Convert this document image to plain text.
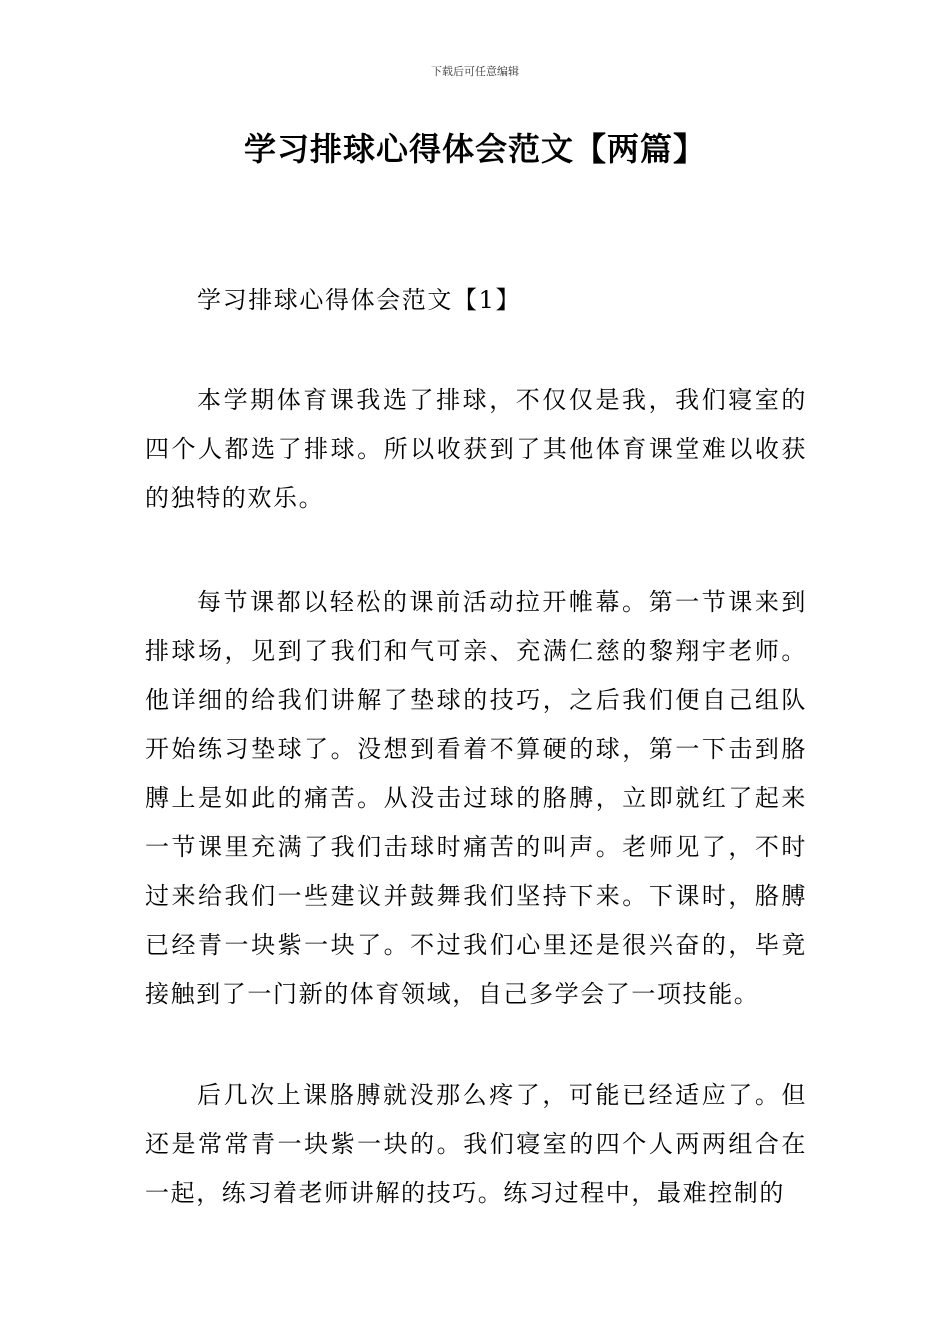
下载后可任意编辑
学习排球心得体会范文【两篇】

学习排球心得体会范文【1】

本学期体育课我选了排球，不仅仅是我，我们寝室的四个人都选了排球。所以收获到了其他体育课堂难以收获的独特的欢乐。

每节课都以轻松的课前活动拉开帷幕。第一节课来到排球场，见到了我们和气可亲、充满仁慈的黎翔宇老师。他详细的给我们讲解了垫球的技巧，之后我们便自己组队开始练习垫球了。没想到看着不算硬的球，第一下击到胳膊上是如此的痛苦。从没击过球的胳膊，立即就红了起来一节课里充满了我们击球时痛苦的叫声。老师见了，不时过来给我们一些建议并鼓舞我们坚持下来。下课时，胳膊已经青一块紫一块了。不过我们心里还是很兴奋的，毕竟接触到了一门新的体育领域，自己多学会了一项技能。

后几次上课胳膊就没那么疼了，可能已经适应了。但还是常常青一块紫一块的。我们寝室的四个人两两组合在一起，练习着老师讲解的技巧。练习过程中，最难控制的
